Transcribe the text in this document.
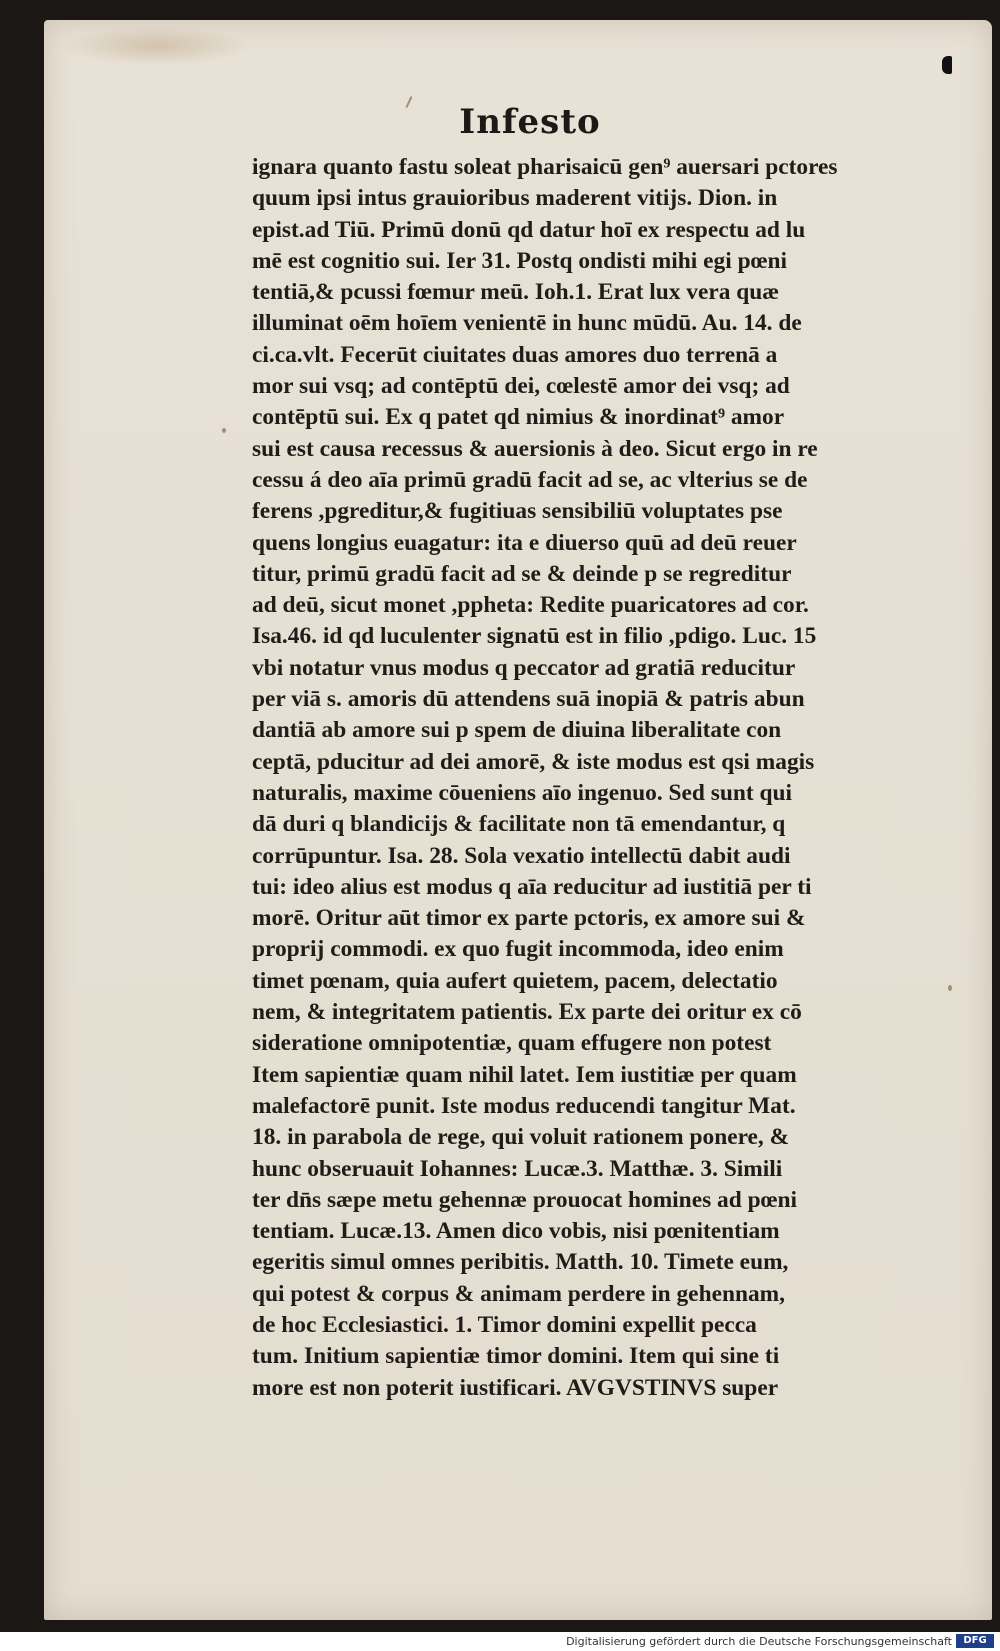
Infesto
ignara quanto fastu soleat pharisaicū gen⁹ auersari pctores
quum ipsi intus grauioribus maderent vitijs. Dion. in
epist.ad Tiū. Primū donū qd datur hoī ex respectu ad lu
mē est cognitio sui. Ier 31. Postq ondisti mihi egi pœni
tentiā,& pcussi fœmur meū. Ioh.1. Erat lux vera quæ
illuminat oēm hoīem venientē in hunc mūdū. Au. 14. de
ci.ca.vlt. Fecerūt ciuitates duas amores duo terrenā a
mor sui vsq; ad contēptū dei, cœlestē amor dei vsq; ad
contēptū sui. Ex q patet qd nimius & inordinat⁹ amor
sui est causa recessus & auersionis à deo. Sicut ergo in re
cessu á deo aīa primū gradū facit ad se, ac vlterius se de
ferens ,pgreditur,& fugitiuas sensibiliū voluptates pse
quens longius euagatur: ita e diuerso quū ad deū reuer
titur, primū gradū facit ad se & deinde p se regreditur
ad deū, sicut monet ,ppheta: Redite puaricatores ad cor.
Isa.46. id qd luculenter signatū est in filio ,pdigo. Luc. 15
vbi notatur vnus modus q peccator ad gratiā reducitur
per viā s. amoris dū attendens suā inopiā & patris abun
dantiā ab amore sui p spem de diuina liberalitate con
ceptā, pducitur ad dei amorē, & iste modus est qsi magis
naturalis, maxime cōueniens aīo ingenuo. Sed sunt qui
dā duri q blandicijs & facilitate non tā emendantur, q
corrūpuntur. Isa. 28. Sola vexatio intellectū dabit audi
tui: ideo alius est modus q aīa reducitur ad iustitiā per ti
morē. Oritur aūt timor ex parte pctoris, ex amore sui &
proprij commodi. ex quo fugit incommoda, ideo enim
timet pœnam, quia aufert quietem, pacem, delectatio
nem, & integritatem patientis. Ex parte dei oritur ex cō
sideratione omnipotentiæ, quam effugere non potest
Item sapientiæ quam nihil latet. Iem iustitiæ per quam
malefactorē punit. Iste modus reducendi tangitur Mat.
18. in parabola de rege, qui voluit rationem ponere, &
hunc obseruauit Iohannes: Lucæ.3. Matthæ. 3. Simili
ter dn̄s sæpe metu gehennæ prouocat homines ad pœni
tentiam. Lucæ.13. Amen dico vobis, nisi pœnitentiam
egeritis simul omnes peribitis. Matth. 10. Timete eum,
qui potest & corpus & animam perdere in gehennam,
de hoc Ecclesiastici. 1. Timor domini expellit pecca
tum. Initium sapientiæ timor domini. Item qui sine ti
more est non poterit iustificari. AVGVSTINVS super
Digitalisierung gefördert durch die Deutsche Forschungsgemeinschaft	DFG
